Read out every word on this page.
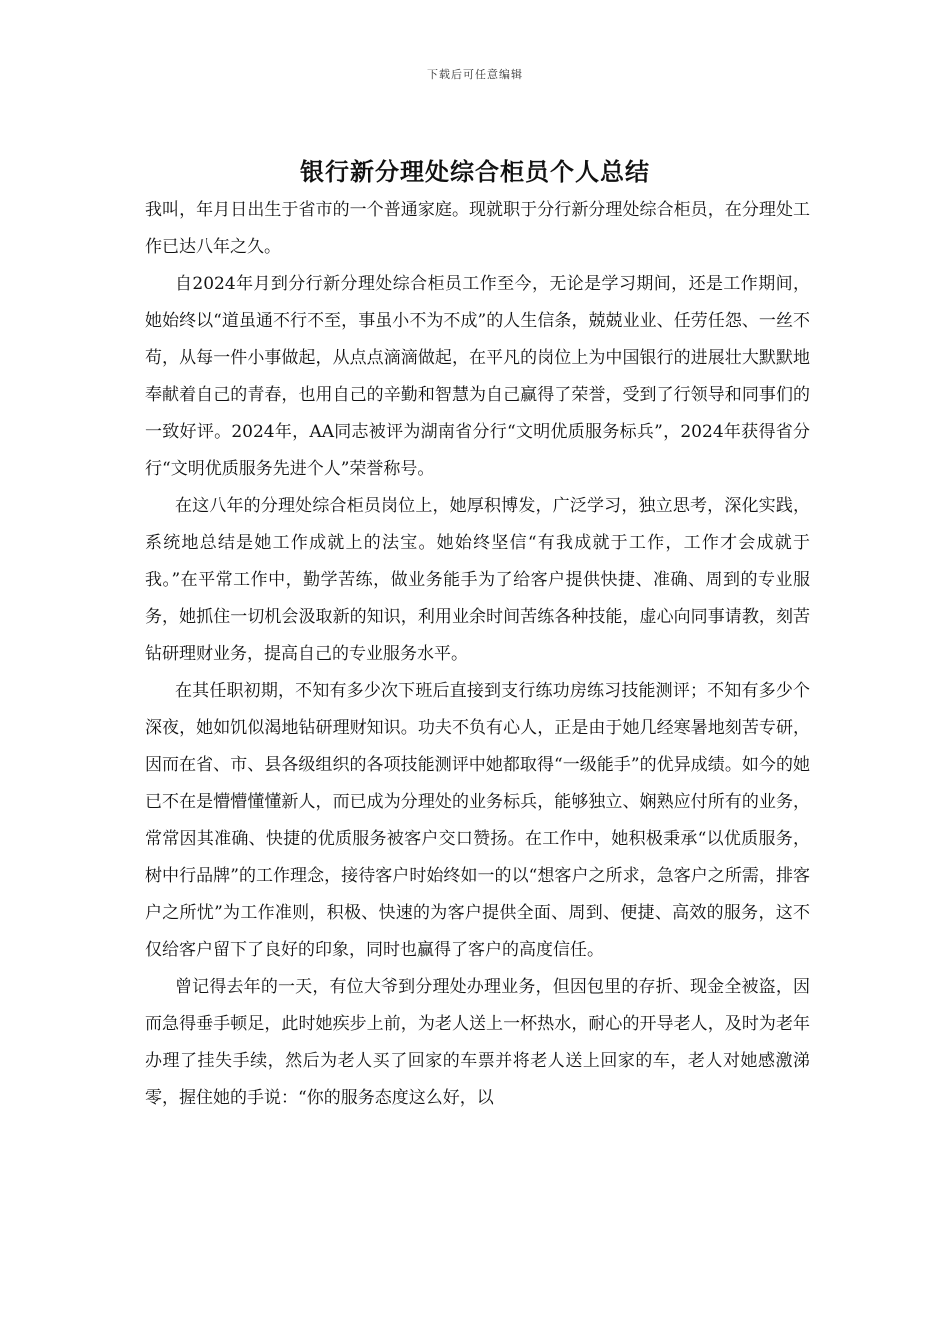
下载后可任意编辑
银行新分理处综合柜员个人总结

我叫，年月日出生于省市的一个普通家庭。现就职于分行新分理处综合柜员，在分理处工作已达八年之久。

自2024年月到分行新分理处综合柜员工作至今，无论是学习期间，还是工作期间，她始终以“道虽通不行不至，事虽小不为不成”的人生信条，兢兢业业、任劳任怨、一丝不苟，从每一件小事做起，从点点滴滴做起，在平凡的岗位上为中国银行的进展壮大默默地奉献着自己的青春，也用自己的辛勤和智慧为自己赢得了荣誉，受到了行领导和同事们的一致好评。2024年，AA同志被评为湖南省分行“文明优质服务标兵”，2024年获得省分行“文明优质服务先进个人”荣誉称号。

在这八年的分理处综合柜员岗位上，她厚积博发，广泛学习，独立思考，深化实践，系统地总结是她工作成就上的法宝。她始终坚信“有我成就于工作，工作才会成就于我。”在平常工作中，勤学苦练，做业务能手为了给客户提供快捷、准确、周到的专业服务，她抓住一切机会汲取新的知识，利用业余时间苦练各种技能，虚心向同事请教，刻苦钻研理财业务，提高自己的专业服务水平。

在其任职初期，不知有多少次下班后直接到支行练功房练习技能测评；不知有多少个深夜，她如饥似渴地钻研理财知识。功夫不负有心人，正是由于她几经寒暑地刻苦专研，因而在省、市、县各级组织的各项技能测评中她都取得“一级能手”的优异成绩。如今的她已不在是懵懵懂懂新人，而已成为分理处的业务标兵，能够独立、娴熟应付所有的业务，常常因其准确、快捷的优质服务被客户交口赞扬。在工作中，她积极秉承“以优质服务，树中行品牌”的工作理念，接待客户时始终如一的以“想客户之所求，急客户之所需，排客户之所忧”为工作准则，积极、快速的为客户提供全面、周到、便捷、高效的服务，这不仅给客户留下了良好的印象，同时也赢得了客户的高度信任。

曾记得去年的一天，有位大爷到分理处办理业务，但因包里的存折、现金全被盗，因而急得垂手顿足，此时她疾步上前，为老人送上一杯热水，耐心的开导老人，及时为老年办理了挂失手续，然后为老人买了回家的车票并将老人送上回家的车，老人对她感激涕零，握住她的手说：“你的服务态度这么好，以
